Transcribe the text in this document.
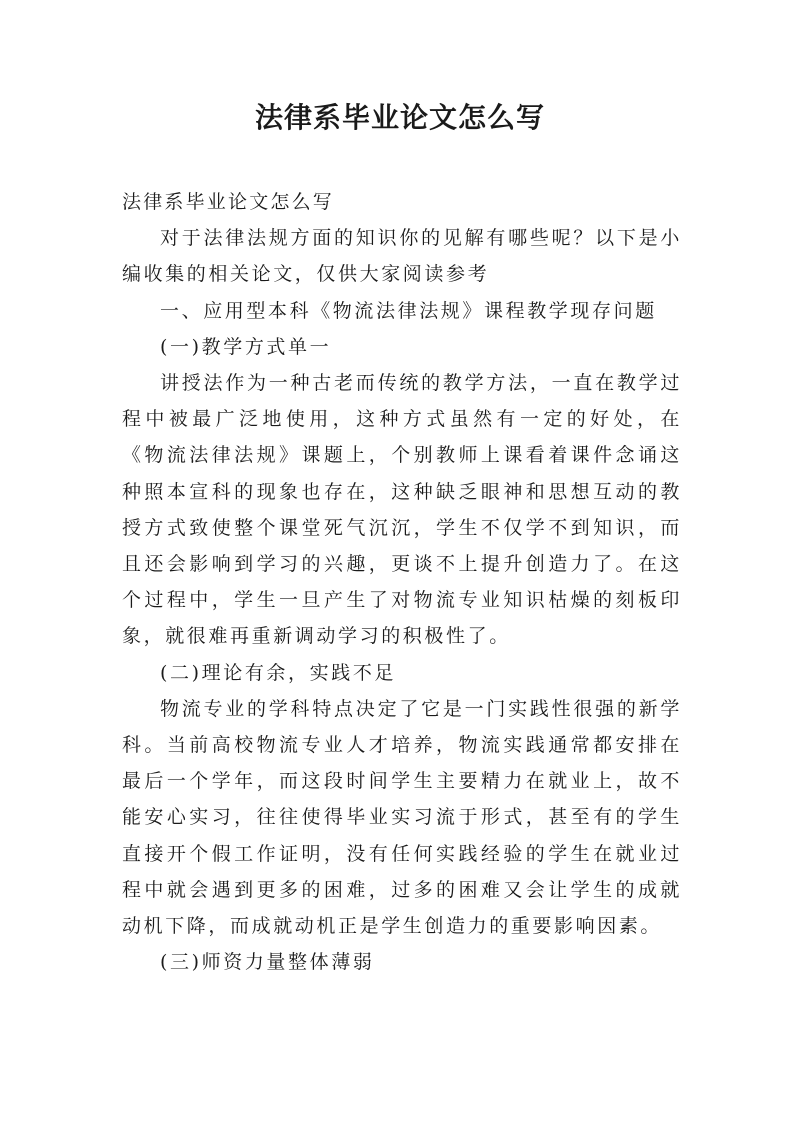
法律系毕业论文怎么写

法律系毕业论文怎么写

对于法律法规方面的知识你的见解有哪些呢？以下是小编收集的相关论文，仅供大家阅读参考

一、应用型本科《物流法律法规》课程教学现存问题

(一)教学方式单一

讲授法作为一种古老而传统的教学方法，一直在教学过程中被最广泛地使用，这种方式虽然有一定的好处，在《物流法律法规》课题上，个别教师上课看着课件念诵这种照本宣科的现象也存在，这种缺乏眼神和思想互动的教授方式致使整个课堂死气沉沉，学生不仅学不到知识，而且还会影响到学习的兴趣，更谈不上提升创造力了。在这个过程中，学生一旦产生了对物流专业知识枯燥的刻板印象，就很难再重新调动学习的积极性了。

(二)理论有余，实践不足

物流专业的学科特点决定了它是一门实践性很强的新学科。当前高校物流专业人才培养，物流实践通常都安排在最后一个学年，而这段时间学生主要精力在就业上，故不能安心实习，往往使得毕业实习流于形式，甚至有的学生直接开个假工作证明，没有任何实践经验的学生在就业过程中就会遇到更多的困难，过多的困难又会让学生的成就动机下降，而成就动机正是学生创造力的重要影响因素。

(三)师资力量整体薄弱
